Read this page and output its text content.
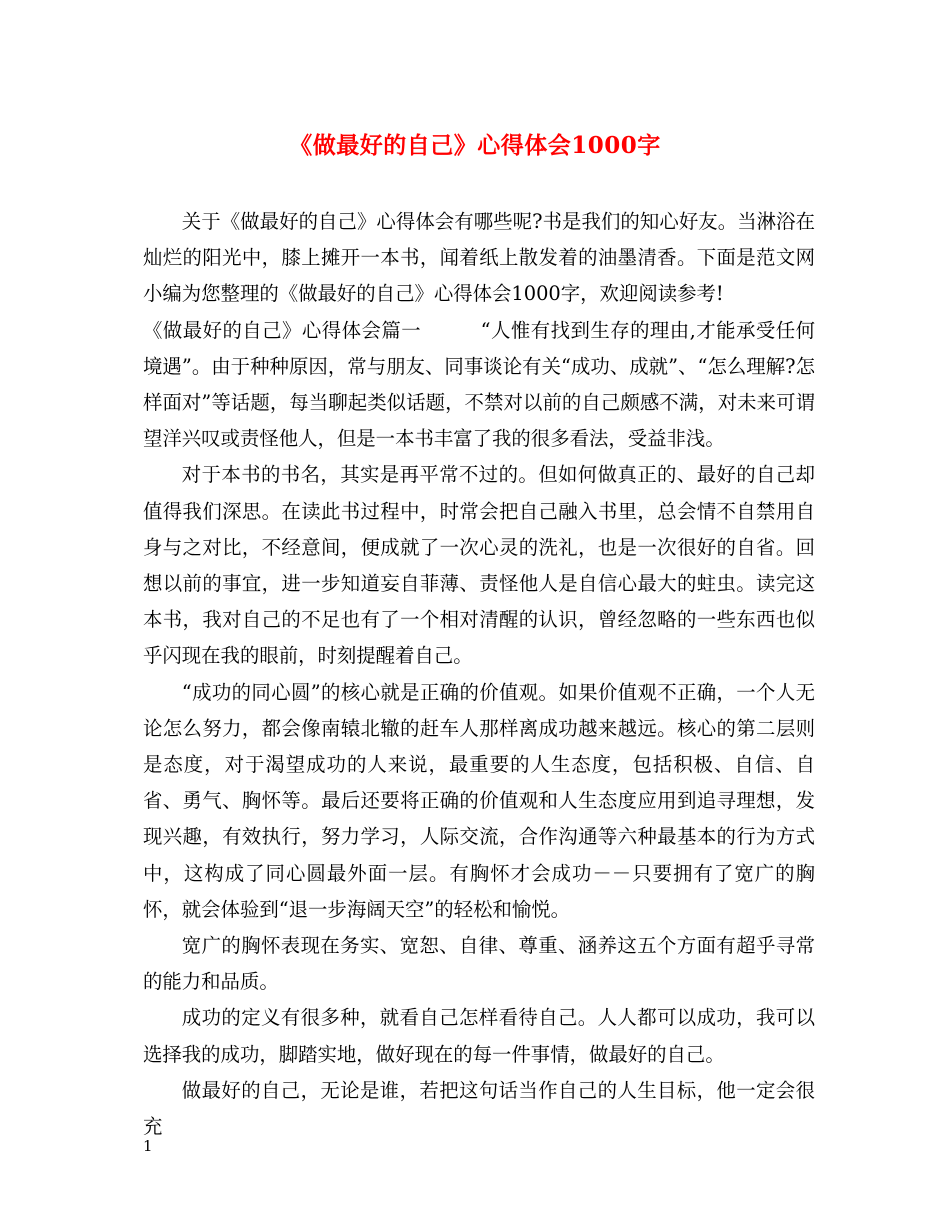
《做最好的自己》心得体会1000字

关于《做最好的自己》心得体会有哪些呢?书是我们的知心好友。当淋浴在灿烂的阳光中，膝上摊开一本书，闻着纸上散发着的油墨清香。下面是范文网小编为您整理的《做最好的自己》心得体会1000字，欢迎阅读参考!

《做最好的自己》心得体会篇一　　　“人惟有找到生存的理由,才能承受任何境遇”。由于种种原因，常与朋友、同事谈论有关“成功、成就”、“怎么理解?怎样面对”等话题，每当聊起类似话题，不禁对以前的自己颇感不满，对未来可谓望洋兴叹或责怪他人，但是一本书丰富了我的很多看法，受益非浅。

对于本书的书名，其实是再平常不过的。但如何做真正的、最好的自己却值得我们深思。在读此书过程中，时常会把自己融入书里，总会情不自禁用自身与之对比，不经意间，便成就了一次心灵的洗礼，也是一次很好的自省。回想以前的事宜，进一步知道妄自菲薄、责怪他人是自信心最大的蛀虫。读完这本书，我对自己的不足也有了一个相对清醒的认识，曾经忽略的一些东西也似乎闪现在我的眼前，时刻提醒着自己。

“成功的同心圆”的核心就是正确的价值观。如果价值观不正确，一个人无论怎么努力，都会像南辕北辙的赶车人那样离成功越来越远。核心的第二层则是态度，对于渴望成功的人来说，最重要的人生态度，包括积极、自信、自省、勇气、胸怀等。最后还要将正确的价值观和人生态度应用到追寻理想，发现兴趣，有效执行，努力学习，人际交流，合作沟通等六种最基本的行为方式中，这构成了同心圆最外面一层。有胸怀才会成功－－只要拥有了宽广的胸怀，就会体验到“退一步海阔天空”的轻松和愉悦。

宽广的胸怀表现在务实、宽恕、自律、尊重、涵养这五个方面有超乎寻常的能力和品质。

成功的定义有很多种，就看自己怎样看待自己。人人都可以成功，我可以选择我的成功，脚踏实地，做好现在的每一件事情，做最好的自己。

做最好的自己，无论是谁，若把这句话当作自己的人生目标，他一定会很充

1
